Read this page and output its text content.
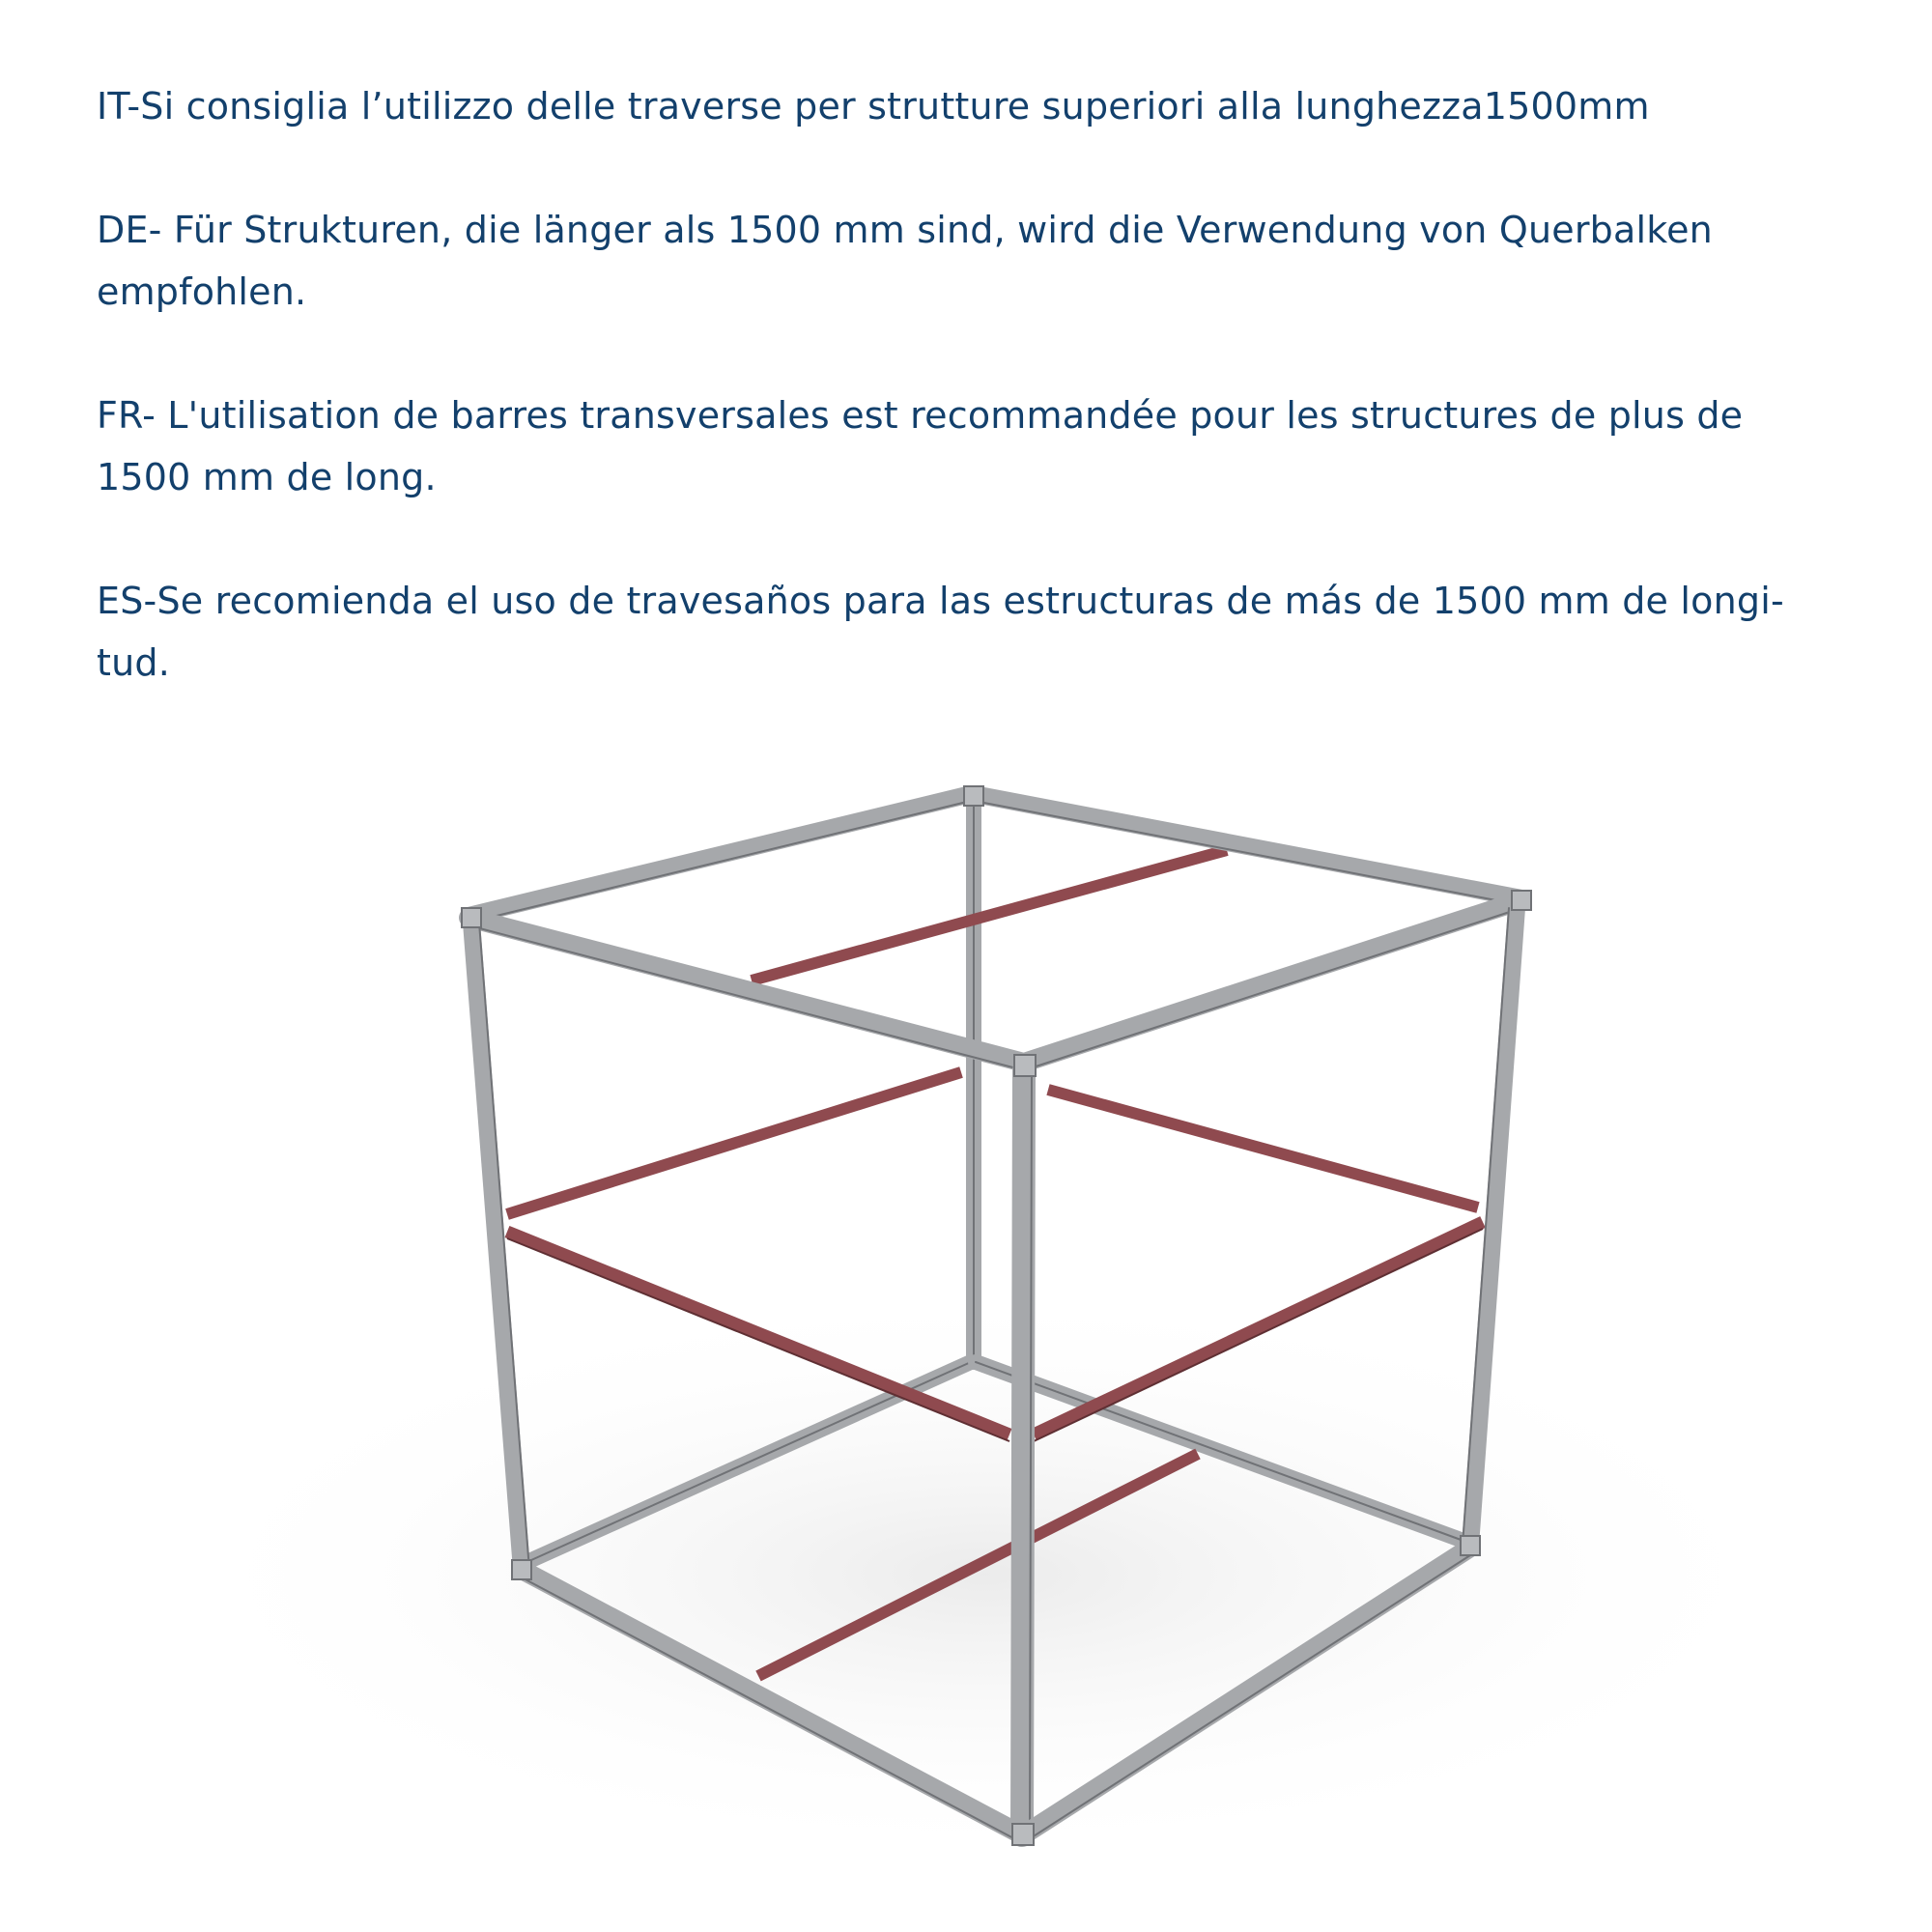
IT-Si consiglia l’utilizzo delle traverse per strutture superiori alla lunghezza1500mm

DE- Für Strukturen, die länger als 1500 mm sind, wird die Verwendung von Querbalken
empfohlen.

FR- L'utilisation de barres transversales est recommandée pour les structures de plus de
1500 mm de long.

ES-Se recomienda el uso de travesaños para las estructuras de más de 1500 mm de longi-
tud.
